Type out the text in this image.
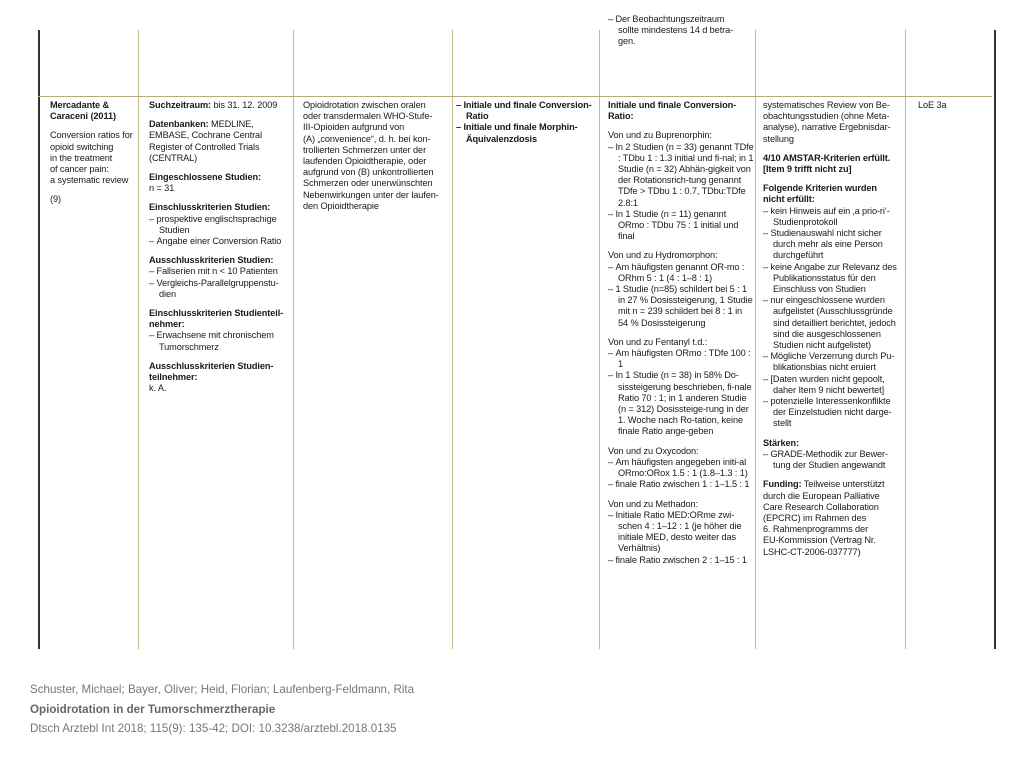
– Der Beobachtungszeitraum

sollte mindestens 14 d betra-

gen.

Mercadante & Caraceni (2011)

Conversion ratios for

opioid switching

in the treatment

of cancer pain:

a systematic review

(9)

Suchzeitraum: bis 31. 12. 2009

Datenbanken: MEDLINE,

EMBASE, Cochrane Central

Register of Controlled Trials

(CENTRAL)

Eingeschlossene Studien:

n = 31

Einschlusskriterien Studien:

– prospektive englischsprachige Studien

– Angabe einer Conversion Ratio

Ausschlusskriterien Studien:

– Fallserien mit n < 10 Patienten

– Vergleichs-Parallelgruppenstu-dien

Einschlusskriterien Studienteil-nehmer:

– Erwachsene mit chronischem Tumorschmerz

Ausschlusskriterien Studien-teilnehmer:

k. A.

Opioidrotation zwischen oralen

oder transdermalen WHO-Stufe-

III-Opioiden aufgrund von

(A) „convenience“, d. h. bei kon-

trollierten Schmerzen unter der

laufenden Opioidtherapie, oder

aufgrund von (B) unkontrollierten

Schmerzen oder unerwünschten

Nebenwirkungen unter der laufen-

den Opioidtherapie

– Initiale und finale Conversion-Ratio

– Initiale und finale Morphin-Äquivalenzdosis

Initiale und finale Conversion-

Ratio:

Von und zu Buprenorphin:

– In 2 Studien (n = 33) genannt TDfe : TDbu 1 : 1.3 initial und fi-nal; in 1 Studie (n = 32) Abhän-gigkeit von der Rotationsrich-tung genannt TDfe > TDbu 1 : 0.7, TDbu:TDfe 2.8:1

– In 1 Studie (n = 11) genannt ORmo : TDbu 75 : 1 initial und final

Von und zu Hydromorphon:

– Am häufigsten genannt OR-mo : ORhm 5 : 1 (4 : 1–8 : 1)

– 1 Studie (n=85) schildert bei 5 : 1 in 27 % Dosissteigerung, 1 Studie mit n = 239 schildert bei 8 : 1 in 54 % Dosissteigerung

Von und zu Fentanyl t.d.:

– Am häufigsten ORmo : TDfe 100 : 1

– In 1 Studie (n = 38) in 58% Do-sissteigerung beschrieben, fi-nale Ratio 70 : 1; in 1 anderen Studie (n = 312) Dosissteige-rung in der 1. Woche nach Ro-tation, keine finale Ratio ange-geben

Von und zu Oxycodon:

– Am häufigsten angegeben initi-al ORmo:ORox 1.5 : 1 (1.8–1.3 : 1)

– finale Ratio zwischen 1 : 1–1.5 : 1

Von und zu Methadon:

– Initiale Ratio MED:ORme zwi-schen 4 : 1–12 : 1 (je höher die initiale MED, desto weiter das Verhältnis)

– finale Ratio zwischen 2 : 1–15 : 1

systematisches Review von Be-

obachtungsstudien (ohne Meta-

analyse), narrative Ergebnisdar-

stellung

4/10 AMSTAR-Kriterien erfüllt.

[Item 9 trifft nicht zu]

Folgende Kriterien wurden

nicht erfüllt:

– kein Hinweis auf ein ‚a prio-ri‘-Studienprotokoll

– Studienauswahl nicht sicher durch mehr als eine Person durchgeführt

– keine Angabe zur Relevanz des Publikationsstatus für den Einschluss von Studien

– nur eingeschlossene wurden aufgelistet (Ausschlussgründe sind detailliert berichtet, jedoch sind die ausgeschlossenen Studien nicht aufgelistet)

– Mögliche Verzerrung durch Pu-blikationsbias nicht eruiert

– [Daten wurden nicht gepoolt, daher Item 9 nicht bewertet]

– potenzielle Interessenkonflikte der Einzelstudien nicht darge-stellt

Stärken:

– GRADE-Methodik zur Bewer-tung der Studien angewandt

Funding: Teilweise unterstützt

durch die European Palliative

Care Research Collaboration

(EPCRC) im Rahmen des

6. Rahmenprogramms der

EU-Kommission (Vertrag Nr.

LSHC-CT-2006-037777)

LoE 3a

Schuster, Michael; Bayer, Oliver; Heid, Florian; Laufenberg-Feldmann, Rita

Opioidrotation in der Tumorschmerztherapie

Dtsch Arztebl Int 2018; 115(9): 135-42; DOI: 10.3238/arztebl.2018.0135
